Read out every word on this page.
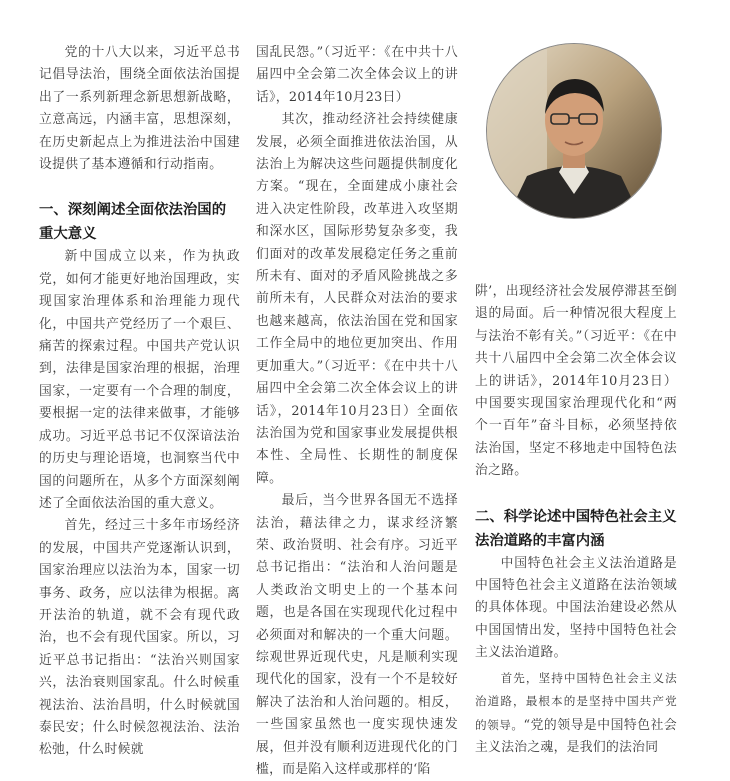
党的十八大以来，习近平总书记倡导法治，围绕全面依法治国提出了一系列新理念新思想新战略，立意高远，内涵丰富，思想深刻，在历史新起点上为推进法治中国建设提供了基本遵循和行动指南。

一、深刻阐述全面依法治国的重大意义

新中国成立以来，作为执政党，如何才能更好地治国理政，实现国家治理体系和治理能力现代化，中国共产党经历了一个艰巨、痛苦的探索过程。中国共产党认识到，法律是国家治理的根据，治理国家，一定要有一个合理的制度，要根据一定的法律来做事，才能够成功。习近平总书记不仅深谙法治的历史与理论语境，也洞察当代中国的问题所在，从多个方面深刻阐述了全面依法治国的重大意义。

首先，经过三十多年市场经济的发展，中国共产党逐渐认识到，国家治理应以法治为本，国家一切事务、政务，应以法律为根据。离开法治的轨道，就不会有现代政治，也不会有现代国家。所以，习近平总书记指出：“法治兴则国家兴，法治衰则国家乱。什么时候重视法治、法治昌明，什么时候就国泰民安；什么时候忽视法治、法治松弛，什么时候就

国乱民怨。”（习近平：《在中共十八届四中全会第二次全体会议上的讲话》，2014年10月23日）

其次，推动经济社会持续健康发展，必须全面推进依法治国，从法治上为解决这些问题提供制度化方案。“现在，全面建成小康社会进入决定性阶段，改革进入攻坚期和深水区，国际形势复杂多变，我们面对的改革发展稳定任务之重前所未有、面对的矛盾风险挑战之多前所未有，人民群众对法治的要求也越来越高，依法治国在党和国家工作全局中的地位更加突出、作用更加重大。”（习近平：《在中共十八届四中全会第二次全体会议上的讲话》，2014年10月23日）全面依法治国为党和国家事业发展提供根本性、全局性、长期性的制度保障。

最后，当今世界各国无不选择法治，藉法律之力，谋求经济繁荣、政治贤明、社会有序。习近平总书记指出：“法治和人治问题是人类政治文明史上的一个基本问题，也是各国在实现现代化过程中必须面对和解决的一个重大问题。综观世界近现代史，凡是顺利实现现代化的国家，没有一个不是较好解决了法治和人治问题的。相反，一些国家虽然也一度实现快速发展，但并没有顺利迈进现代化的门槛，而是陷入这样或那样的‘陷

阱’，出现经济社会发展停滞甚至倒退的局面。后一种情况很大程度上与法治不彰有关。”（习近平：《在中共十八届四中全会第二次全体会议上的讲话》，2014年10月23日）中国要实现国家治理现代化和“两个一百年”奋斗目标，必须坚持依法治国，坚定不移地走中国特色法治之路。

二、科学论述中国特色社会主义法治道路的丰富内涵

中国特色社会主义法治道路是中国特色社会主义道路在法治领域的具体体现。中国法治建设必然从中国国情出发，坚持中国特色社会主义法治道路。

首先，坚持中国特色社会主义法治道路，最根本的是坚持中国共产党的领导。“党的领导是中国特色社会主义法治之魂，是我们的法治同
